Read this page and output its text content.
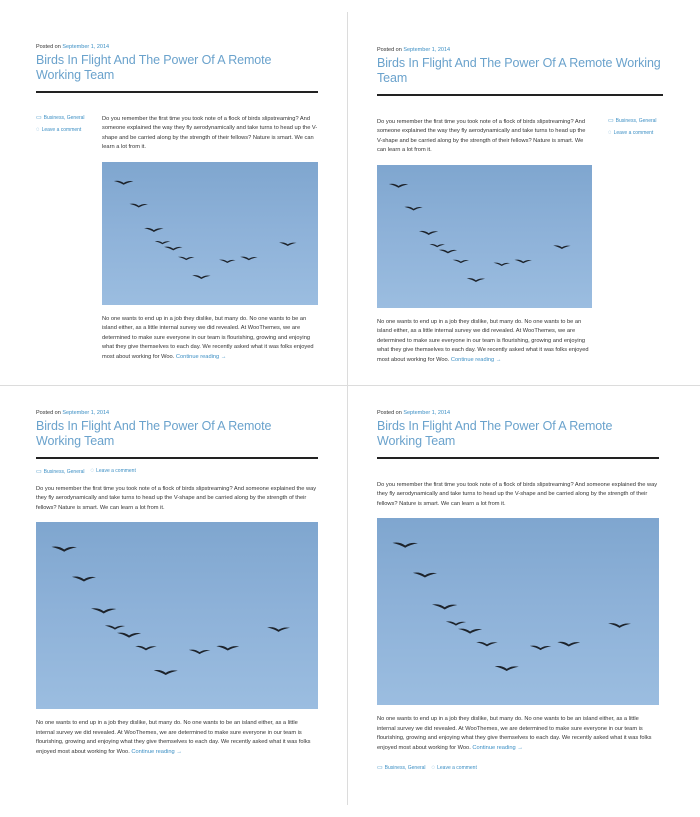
Posted on September 1, 2014
Birds In Flight And The Power Of A Remote Working Team
▭ Business, General
◌ Leave a comment

Do you remember the first time you took note of a flock of birds slipstreaming? And someone explained the way they fly aerodynamically and take turns to head up the V-shape and be carried along by the strength of their fellows? Nature is smart. We can learn a lot from it.

No one wants to end up in a job they dislike, but many do. No one wants to be an island either, as a little internal survey we did revealed. At WooThemes, we are determined to make sure everyone in our team is flourishing, growing and enjoying what they give themselves to each day. We recently asked what it was folks enjoyed most about working for Woo. Continue reading →

Posted on September 1, 2014
Birds In Flight And The Power Of A Remote Working Team

Do you remember the first time you took note of a flock of birds slipstreaming? And someone explained the way they fly aerodynamically and take turns to head up the V-shape and be carried along by the strength of their fellows? Nature is smart. We can learn a lot from it.

No one wants to end up in a job they dislike, but many do. No one wants to be an island either, as a little internal survey we did revealed. At WooThemes, we are determined to make sure everyone in our team is flourishing, growing and enjoying what they give themselves to each day. We recently asked what it was folks enjoyed most about working for Woo. Continue reading →

▭ Business, General
◌ Leave a comment
Posted on September 1, 2014
Birds In Flight And The Power Of A Remote Working Team
▭ Business, General ◌ Leave a comment

Do you remember the first time you took note of a flock of birds slipstreaming? And someone explained the way they fly aerodynamically and take turns to head up the V-shape and be carried along by the strength of their fellows? Nature is smart. We can learn a lot from it.

No one wants to end up in a job they dislike, but many do. No one wants to be an island either, as a little internal survey we did revealed. At WooThemes, we are determined to make sure everyone in our team is flourishing, growing and enjoying what they give themselves to each day. We recently asked what it was folks enjoyed most about working for Woo. Continue reading →

Posted on September 1, 2014
Birds In Flight And The Power Of A Remote Working Team

Do you remember the first time you took note of a flock of birds slipstreaming? And someone explained the way they fly aerodynamically and take turns to head up the V-shape and be carried along by the strength of their fellows? Nature is smart. We can learn a lot from it.

No one wants to end up in a job they dislike, but many do. No one wants to be an island either, as a little internal survey we did revealed. At WooThemes, we are determined to make sure everyone in our team is flourishing, growing and enjoying what they give themselves to each day. We recently asked what it was folks enjoyed most about working for Woo. Continue reading →

▭ Business, General ◌ Leave a comment
